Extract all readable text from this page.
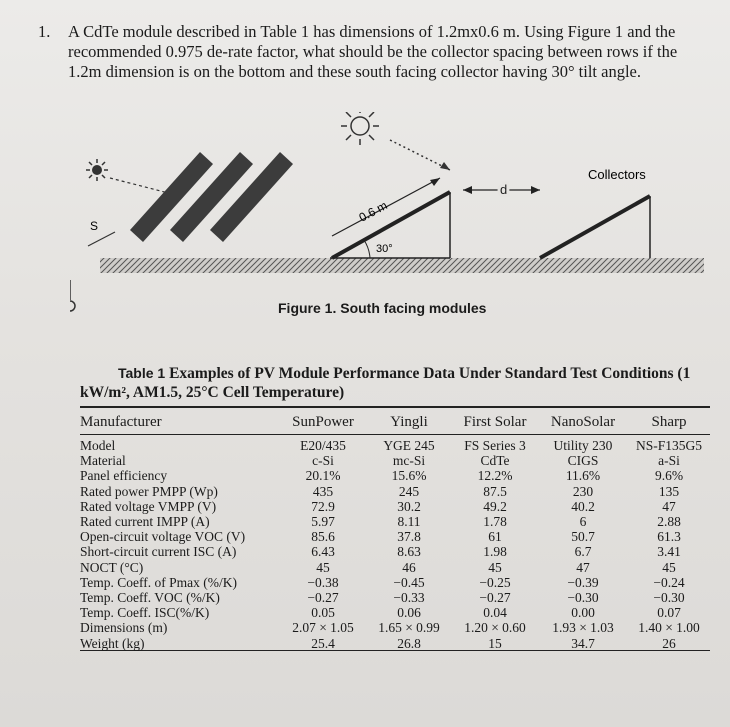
1. A CdTe module described in Table 1 has dimensions of 1.2mx0.6 m. Using Figure 1 and the recommended 0.975 de-rate factor, what should be the collector spacing between rows if the 1.2m dimension is on the bottom and these south facing collector having 30° tilt angle.
S
0.6 m
d
30°
Collectors
Figure 1. South facing modules
Table 1 Examples of PV Module Performance Data Under Standard Test Conditions (1 kW/m², AM1.5, 25°C Cell Temperature)
Manufacturer	SunPower	Yingli	First Solar	NanoSolar	Sharp
Model	E20/435	YGE 245	FS Series 3	Utility 230	NS-F135G5
Material	c-Si	mc-Si	CdTe	CIGS	a-Si
Panel efficiency	20.1%	15.6%	12.2%	11.6%	9.6%
Rated power PMPP (Wp)	435	245	87.5	230	135
Rated voltage VMPP (V)	72.9	30.2	49.2	40.2	47
Rated current IMPP (A)	5.97	8.11	1.78	6	2.88
Open-circuit voltage VOC (V)	85.6	37.8	61	50.7	61.3
Short-circuit current ISC (A)	6.43	8.63	1.98	6.7	3.41
NOCT (°C)	45	46	45	47	45
Temp. Coeff. of Pmax (%/K)	−0.38	−0.45	−0.25	−0.39	−0.24
Temp. Coeff. VOC (%/K)	−0.27	−0.33	−0.27	−0.30	−0.30
Temp. Coeff. ISC(%/K)	0.05	0.06	0.04	0.00	0.07
Dimensions (m)	2.07 × 1.05	1.65 × 0.99	1.20 × 0.60	1.93 × 1.03	1.40 × 1.00
Weight (kg)	25.4	26.8	15	34.7	26
